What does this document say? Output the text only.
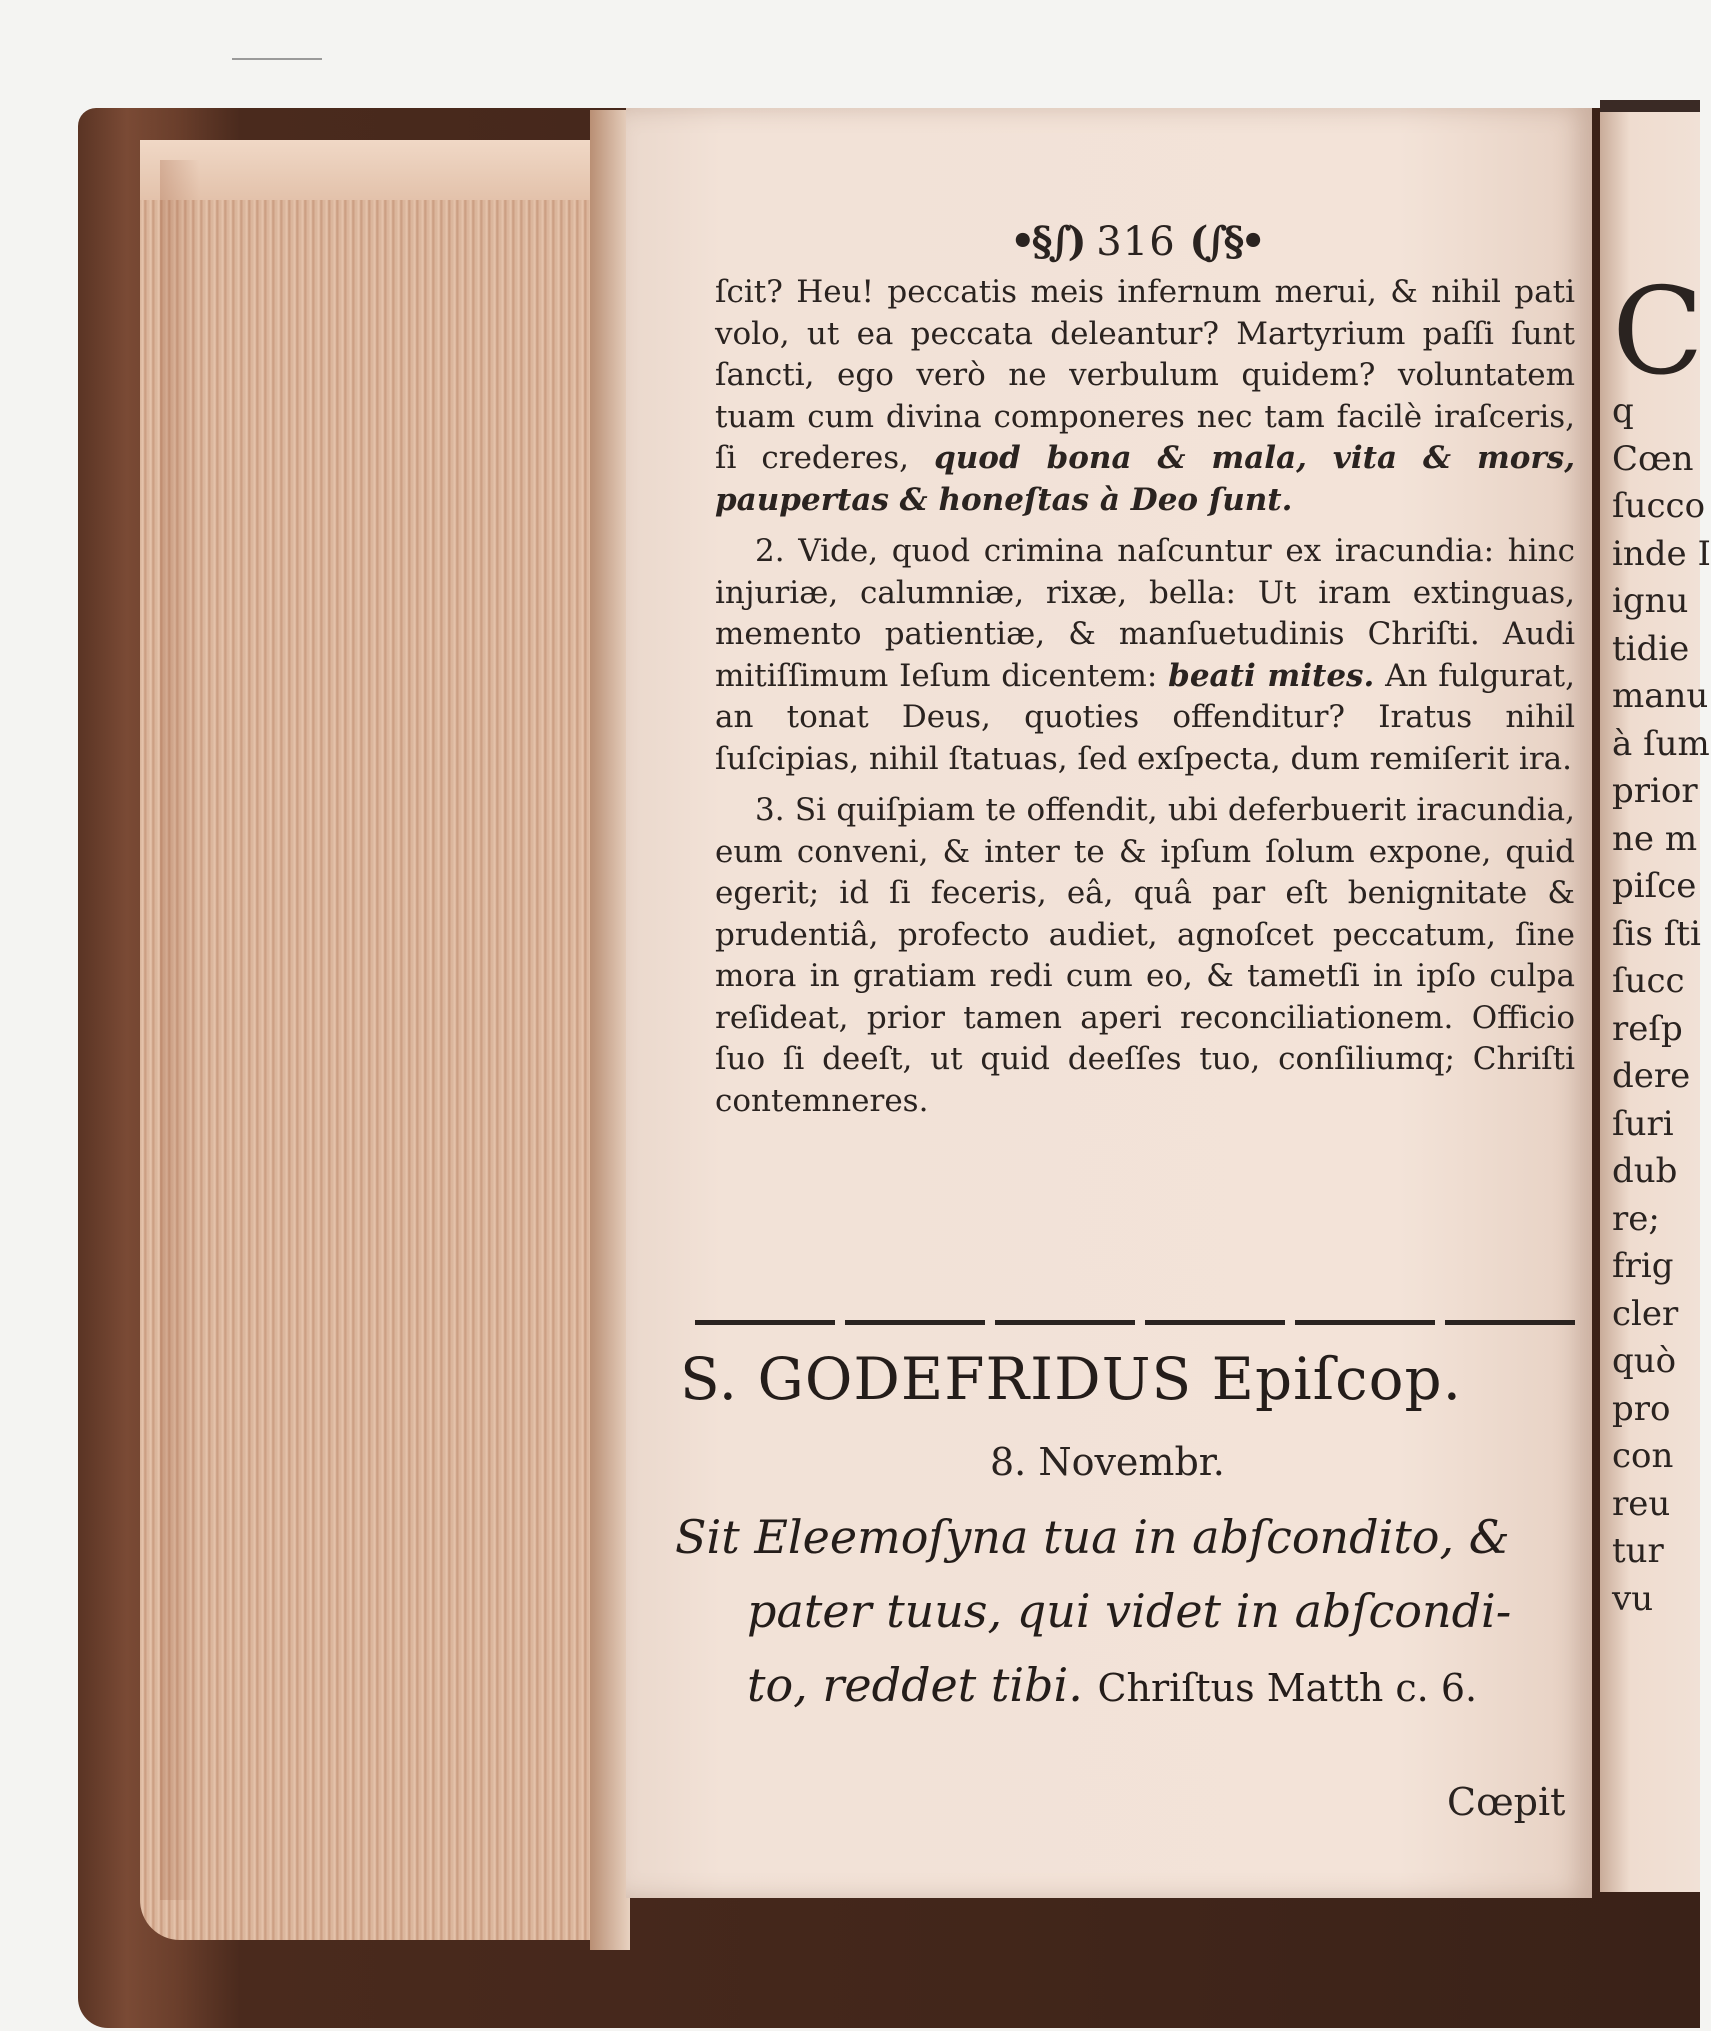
•§∫) 316 (∫§•

ſcit? Heu! peccatis meis infernum merui, & nihil pati volo, ut ea peccata deleantur? Martyrium paſſi ſunt ſancti, ego verò ne verbulum quidem? voluntatem tuam cum divina componeres nec tam facilè iraſceris, ſi crederes, quod bona & mala, vita & mors, paupertas & honeſtas à Deo ſunt.

2. Vide, quod crimina naſcuntur ex iracundia: hinc injuriæ, calumniæ, rixæ, bella: Ut iram extinguas, memento patientiæ, & manſuetudinis Chriſti. Audi mitiſſimum Ieſum dicentem: beati mites. An fulgurat, an tonat Deus, quoties offenditur? Iratus nihil ſuſcipias, nihil ſtatuas, ſed exſpecta, dum remiſerit ira.

3. Si quiſpiam te offendit, ubi deferbuerit iracundia, eum conveni, & inter te & ipſum ſolum expone, quid egerit; id ſi feceris, eâ, quâ par eſt benignitate & prudentiâ, profecto audiet, agnoſcet peccatum, ſine mora in gratiam redi cum eo, & tametſi in ipſo culpa reſideat, prior tamen aperi reconciliationem. Officio ſuo ſi deeſt, ut quid deeſſes tuo, conſiliumq; Chriſti contemneres.

S. GODEFRIDUS Epiſcop.
8. Novembr.
Sit Eleemoſyna tua in abſcondito, &
pater tuus, qui videt in abſcondi-
to, reddet tibi. Chriſtus Matth c. 6.
Cœpit
C
q
Cœn
ſucco
inde I
ignu
tidie
manu
à ſum
prior
ne m
piſce
ſis ſti
ſucc
reſp
dere
ſuri
dub
re;
frig
cler
quò
pro
con
reu
tur
vu
